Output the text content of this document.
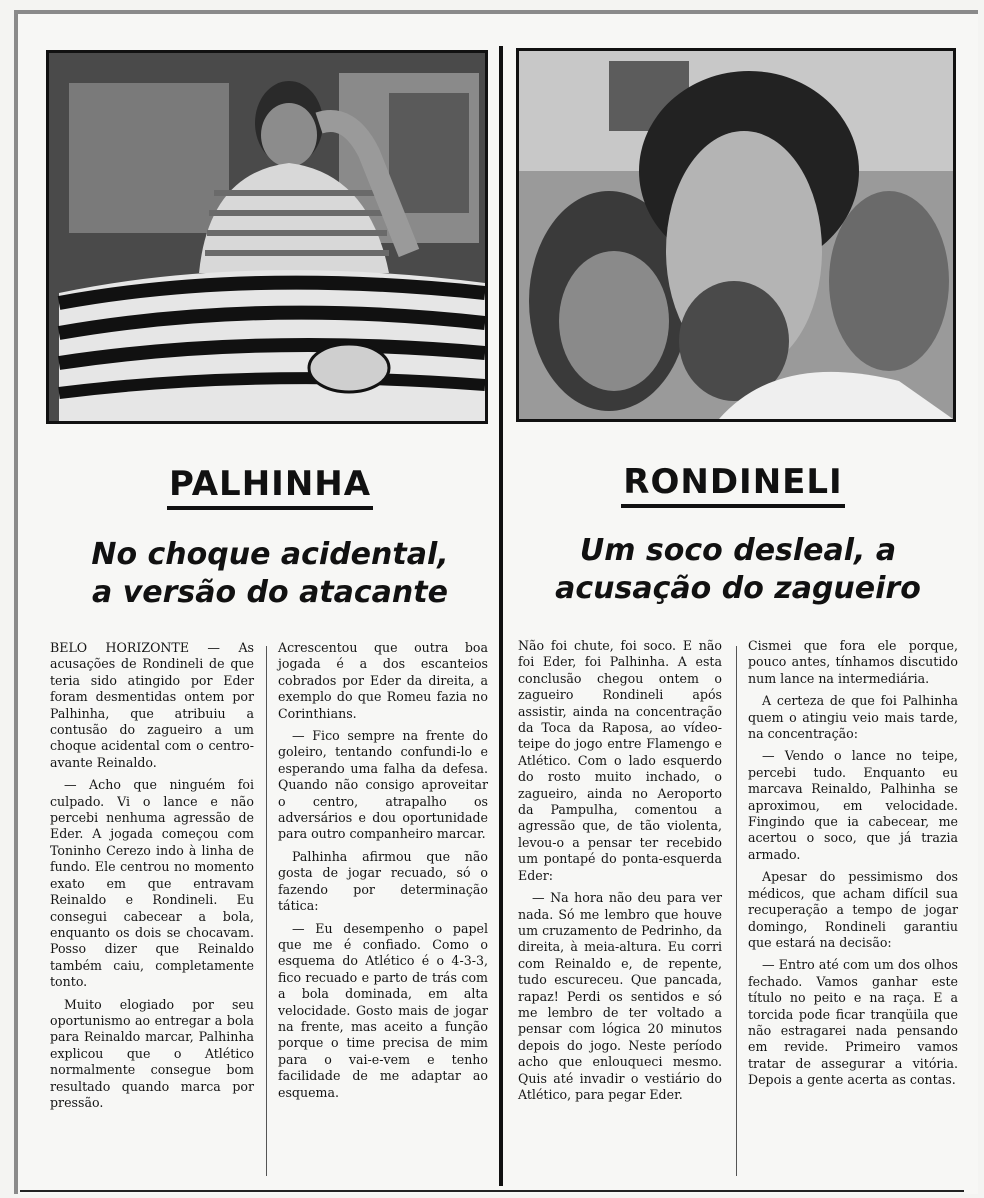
PALHINHA	RONDINELI
No choque acidental,
a versão do atacante
Um soco desleal, a
acusação do zagueiro

BELO HORIZONTE — As acusações de Rondineli de que teria sido atingido por Eder foram desmentidas ontem por Palhinha, que atribuiu a contusão do zagueiro a um choque acidental com o centro-avante Reinaldo.

— Acho que ninguém foi culpado. Vi o lance e não percebi nenhuma agressão de Eder. A jogada começou com Toninho Cerezo indo à linha de fundo. Ele centrou no momento exato em que entravam Reinaldo e Rondineli. Eu consegui cabecear a bola, enquanto os dois se chocavam. Posso dizer que Reinaldo também caiu, completamente tonto.

Muito elogiado por seu oportunismo ao entregar a bola para Reinaldo marcar, Palhinha explicou que o Atlético normalmente consegue bom resultado quando marca por pressão.

Acrescentou que outra boa jogada é a dos escanteios cobrados por Eder da direita, a exemplo do que Romeu fazia no Corinthians.

— Fico sempre na frente do goleiro, tentando confundi-lo e esperando uma falha da defesa. Quando não consigo aproveitar o centro, atrapalho os adversários e dou oportunidade para outro companheiro marcar.

Palhinha afirmou que não gosta de jogar recuado, só o fazendo por determinação tática:

— Eu desempenho o papel que me é confiado. Como o esquema do Atlético é o 4-3-3, fico recuado e parto de trás com a bola dominada, em alta velocidade. Gosto mais de jogar na frente, mas aceito a função porque o time precisa de mim para o vai-e-vem e tenho facilidade de me adaptar ao esquema.

Não foi chute, foi soco. E não foi Eder, foi Palhinha. A esta conclusão chegou ontem o zagueiro Rondineli após assistir, ainda na concentração da Toca da Raposa, ao vídeo-teipe do jogo entre Flamengo e Atlético. Com o lado esquerdo do rosto muito inchado, o zagueiro, ainda no Aeroporto da Pampulha, comentou a agressão que, de tão violenta, levou-o a pensar ter recebido um pontapé do ponta-esquerda Eder:

— Na hora não deu para ver nada. Só me lembro que houve um cruzamento de Pedrinho, da direita, à meia-altura. Eu corri com Reinaldo e, de repente, tudo escureceu. Que pancada, rapaz! Perdi os sentidos e só me lembro de ter voltado a pensar com lógica 20 minutos depois do jogo. Neste período acho que enlouqueci mesmo. Quis até invadir o vestiário do Atlético, para pegar Eder.

Cismei que fora ele porque, pouco antes, tínhamos discutido num lance na intermediária.

A certeza de que foi Palhinha quem o atingiu veio mais tarde, na concentração:

— Vendo o lance no teipe, percebi tudo. Enquanto eu marcava Reinaldo, Palhinha se aproximou, em velocidade. Fingindo que ia cabecear, me acertou o soco, que já trazia armado.

Apesar do pessimismo dos médicos, que acham difícil sua recuperação a tempo de jogar domingo, Rondineli garantiu que estará na decisão:

— Entro até com um dos olhos fechado. Vamos ganhar este título no peito e na raça. E a torcida pode ficar tranqüila que não estragarei nada pensando em revide. Primeiro vamos tratar de assegurar a vitória. Depois a gente acerta as contas.
